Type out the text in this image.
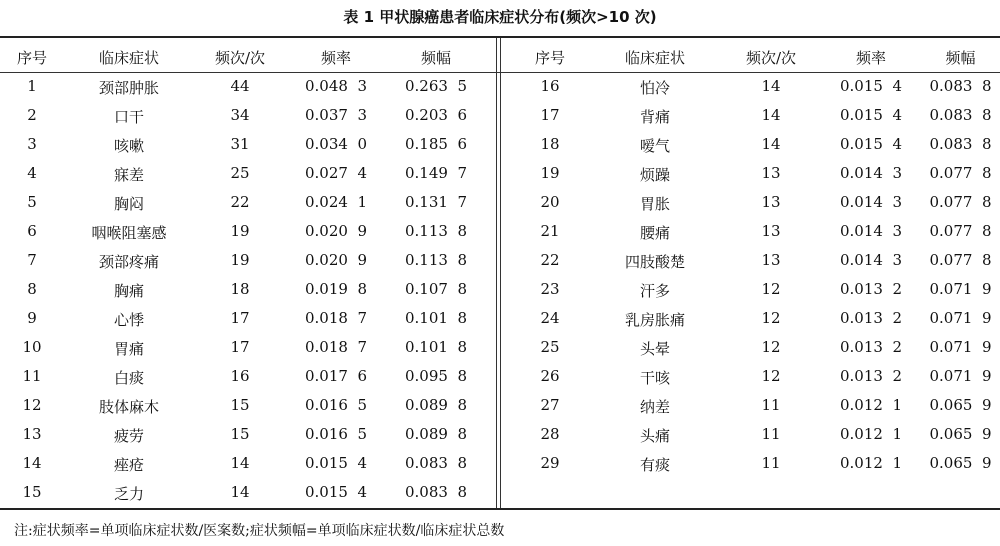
表 1 甲状腺癌患者临床症状分布(频次>10 次)
序号	临床症状	频次/次	频率	频幅
1	颈部肿胀	44	0.048  3	0.263  5
2	口干	34	0.037  3	0.203  6
3	咳嗽	31	0.034  0	0.185  6
4	寐差	25	0.027  4	0.149  7
5	胸闷	22	0.024  1	0.131  7
6	咽喉阻塞感	19	0.020  9	0.113  8
7	颈部疼痛	19	0.020  9	0.113  8
8	胸痛	18	0.019  8	0.107  8
9	心悸	17	0.018  7	0.101  8
10	胃痛	17	0.018  7	0.101  8
11	白痰	16	0.017  6	0.095  8
12	肢体麻木	15	0.016  5	0.089  8
13	疲劳	15	0.016  5	0.089  8
14	痤疮	14	0.015  4	0.083  8
15	乏力	14	0.015  4	0.083  8
序号	临床症状	频次/次	频率	频幅
16	怕冷	14	0.015  4	0.083  8
17	背痛	14	0.015  4	0.083  8
18	嗳气	14	0.015  4	0.083  8
19	烦躁	13	0.014  3	0.077  8
20	胃胀	13	0.014  3	0.077  8
21	腰痛	13	0.014  3	0.077  8
22	四肢酸楚	13	0.014  3	0.077  8
23	汗多	12	0.013  2	0.071  9
24	乳房胀痛	12	0.013  2	0.071  9
25	头晕	12	0.013  2	0.071  9
26	干咳	12	0.013  2	0.071  9
27	纳差	11	0.012  1	0.065  9
28	头痛	11	0.012  1	0.065  9
29	有痰	11	0.012  1	0.065  9
注:症状频率=单项临床症状数/医案数;症状频幅=单项临床症状数/临床症状总数
